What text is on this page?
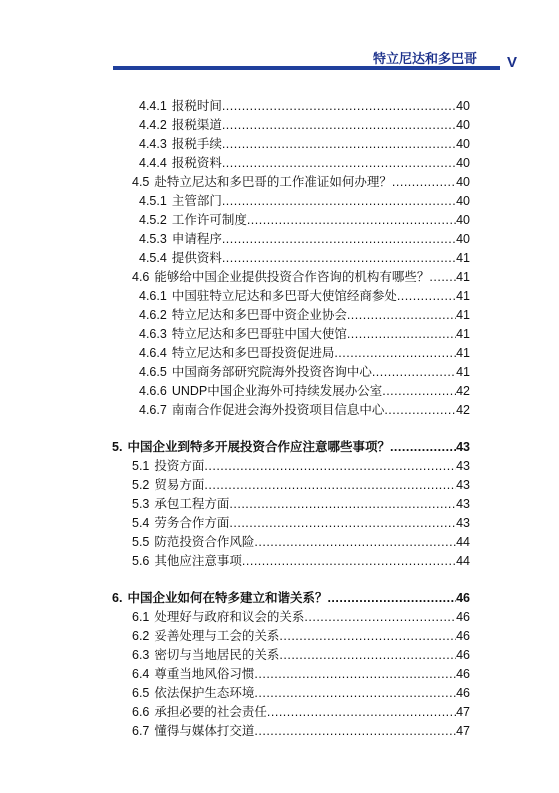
特立尼达和多巴哥 V
4.4.1 报税时间 .....	40
4.4.2 报税渠道 .....	40
4.4.3 报税手续 .....	40
4.4.4 报税资料 .....	40
4.5 赴特立尼达和多巴哥的工作准证如何办理？ .....	40
4.5.1 主管部门 .....	40
4.5.2 工作许可制度 .....	40
4.5.3 申请程序 .....	40
4.5.4 提供资料 .....	41
4.6 能够给中国企业提供投资合作咨询的机构有哪些？ ..... 41
4.6.1 中国驻特立尼达和多巴哥大使馆经商参处 .....	41
4.6.2 特立尼达和多巴哥中资企业协会 .....	41
4.6.3 特立尼达和多巴哥驻中国大使馆 .....	41
4.6.4 特立尼达和多巴哥投资促进局 .....	41
4.6.5 中国商务部研究院海外投资咨询中心 .....	41
4.6.6 UNDP中国企业海外可持续发展办公室 .....	42
4.6.7 南南合作促进会海外投资项目信息中心 .....	42
5. 中国企业到特多开展投资合作应注意哪些事项？ .....	43
5.1 投资方面 .....	43
5.2 贸易方面 .....	43
5.3 承包工程方面 .....	43
5.4 劳务合作方面 .....	43
5.5 防范投资合作风险 .....	44
5.6 其他应注意事项 .....	44
6. 中国企业如何在特多建立和谐关系？ .....	46
6.1 处理好与政府和议会的关系 .....	46
6.2 妥善处理与工会的关系 .....	46
6.3 密切与当地居民的关系 .....	46
6.4 尊重当地风俗习惯 .....	46
6.5 依法保护生态环境 .....	46
6.6 承担必要的社会责任 .....	47
6.7 懂得与媒体打交道 .....	47
